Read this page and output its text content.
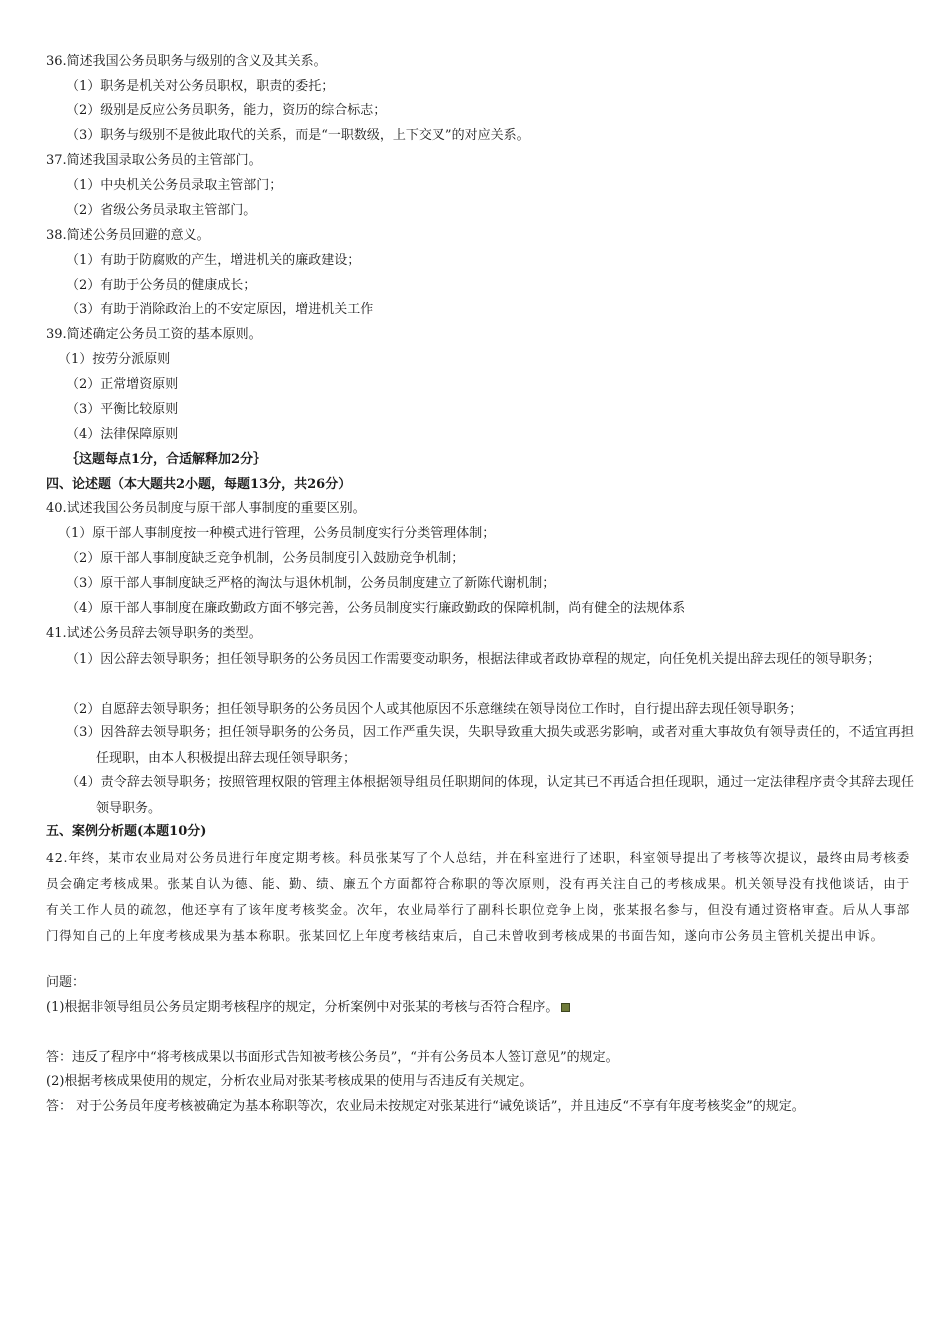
36.简述我国公务员职务与级别的含义及其关系。
（1）职务是机关对公务员职权，职责的委托；
（2）级别是反应公务员职务，能力，资历的综合标志；
（3）职务与级别不是彼此取代的关系，而是“一职数级，上下交叉”的对应关系。
37.简述我国录取公务员的主管部门。
（1）中央机关公务员录取主管部门；
（2）省级公务员录取主管部门。
38.简述公务员回避的意义。
（1）有助于防腐败的产生，增进机关的廉政建设；
（2）有助于公务员的健康成长；
（3）有助于消除政治上的不安定原因，增进机关工作
39.简述确定公务员工资的基本原则。
（1）按劳分派原则
（2）正常增资原则
（3）平衡比较原则
（4）法律保障原则
｛这题每点1分，合适解释加2分｝
四、论述题（本大题共2小题，每题13分，共26分）
40.试述我国公务员制度与原干部人事制度的重要区别。
（1）原干部人事制度按一种模式进行管理，公务员制度实行分类管理体制；
（2）原干部人事制度缺乏竞争机制，公务员制度引入鼓励竞争机制；
（3）原干部人事制度缺乏严格的淘汰与退休机制，公务员制度建立了新陈代谢机制；
（4）原干部人事制度在廉政勤政方面不够完善，公务员制度实行廉政勤政的保障机制，尚有健全的法规体系
41.试述公务员辞去领导职务的类型。
（1）因公辞去领导职务；担任领导职务的公务员因工作需要变动职务，根据法律或者政协章程的规定，向任免机关提出辞去现任的领导职务；
（2）自愿辞去领导职务；担任领导职务的公务员因个人或其他原因不乐意继续在领导岗位工作时，自行提出辞去现任领导职务；
（3）因咎辞去领导职务；担任领导职务的公务员，因工作严重失误，失职导致重大损失或恶劣影响，或者对重大事故负有领导责任的，不适宜再担任现职，由本人积极提出辞去现任领导职务；
（4）责令辞去领导职务；按照管理权限的管理主体根据领导组员任职期间的体现，认定其已不再适合担任现职，通过一定法律程序责令其辞去现任领导职务。
五、案例分析题(本题10分)
42.年终，某市农业局对公务员进行年度定期考核。科员张某写了个人总结，并在科室进行了述职，科室领导提出了考核等次提议，最终由局考核委员会确定考核成果。张某自认为德、能、勤、绩、廉五个方面都符合称职的等次原则，没有再关注自己的考核成果。机关领导没有找他谈话，由于有关工作人员的疏忽，他还享有了该年度考核奖金。次年，农业局举行了副科长职位竞争上岗，张某报名参与，但没有通过资格审查。后从人事部门得知自己的上年度考核成果为基本称职。张某回忆上年度考核结束后，自己未曾收到考核成果的书面告知，遂向市公务员主管机关提出申诉。
问题：
(1)根据非领导组员公务员定期考核程序的规定，分析案例中对张某的考核与否符合程序。
答：违反了程序中“将考核成果以书面形式告知被考核公务员”，“并有公务员本人签订意见”的规定。
(2)根据考核成果使用的规定，分析农业局对张某考核成果的使用与否违反有关规定。
答： 对于公务员年度考核被确定为基本称职等次，农业局未按规定对张某进行“诫免谈话”，并且违反“不享有年度考核奖金”的规定。
